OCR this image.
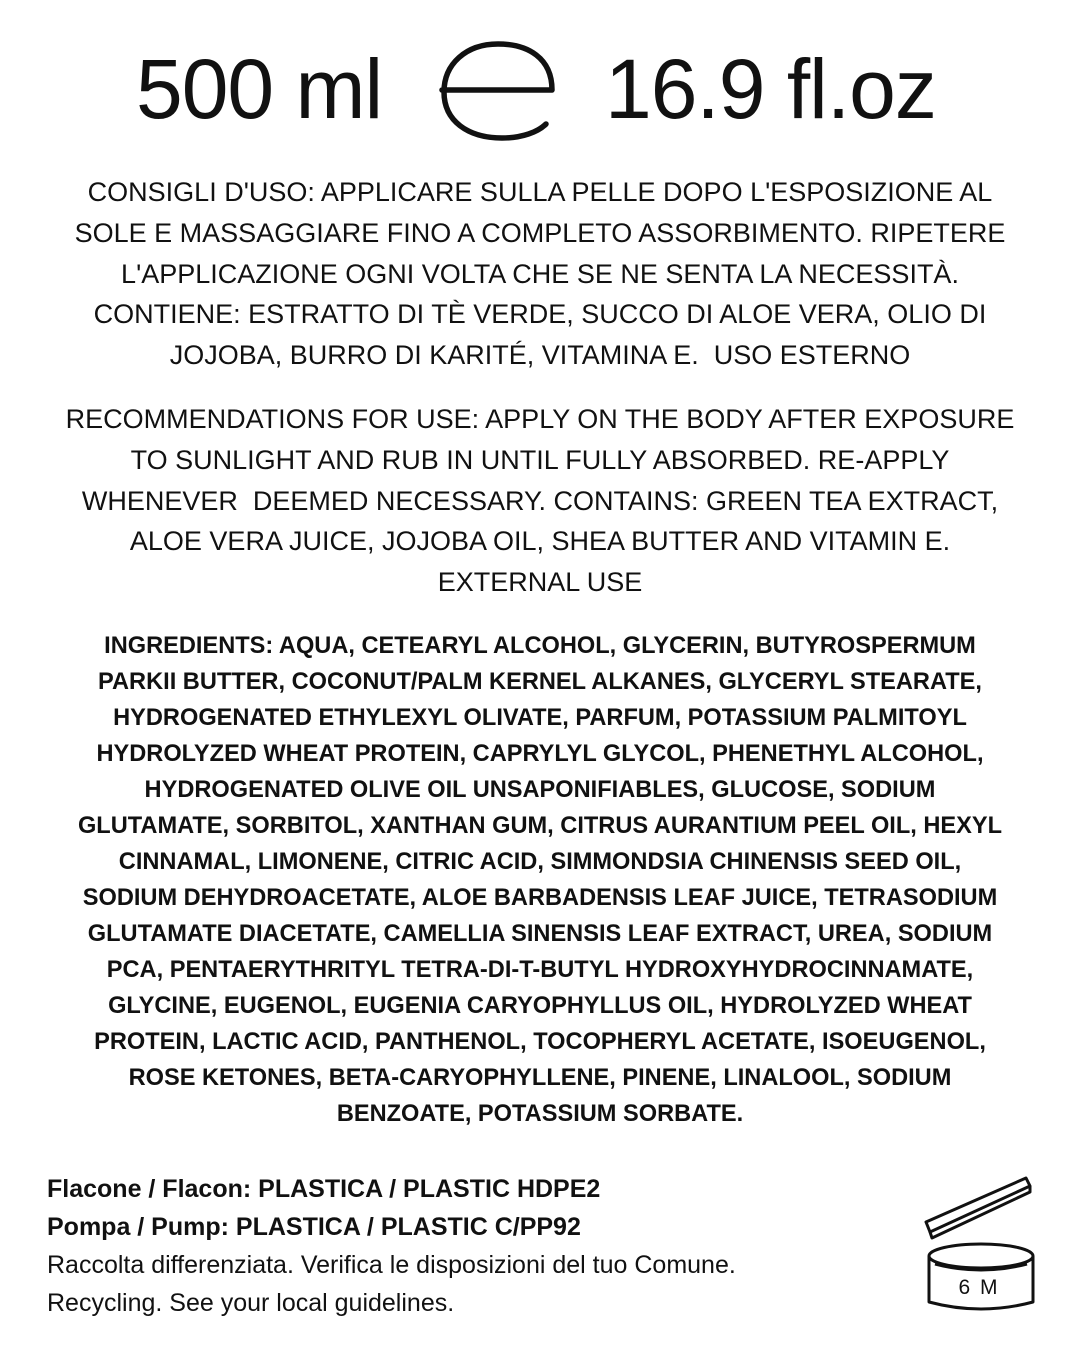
500 ml	16.9 fl.oz
CONSIGLI D'USO: APPLICARE SULLA PELLE DOPO L'ESPOSIZIONE AL
SOLE E MASSAGGIARE FINO A COMPLETO ASSORBIMENTO. RIPETERE
L'APPLICAZIONE OGNI VOLTA CHE SE NE SENTA LA NECESSITÀ.
CONTIENE: ESTRATTO DI TÈ VERDE, SUCCO DI ALOE VERA, OLIO DI
JOJOBA, BURRO DI KARITÉ, VITAMINA E.  USO ESTERNO
RECOMMENDATIONS FOR USE: APPLY ON THE BODY AFTER EXPOSURE
TO SUNLIGHT AND RUB IN UNTIL FULLY ABSORBED. RE-APPLY
WHENEVER  DEEMED NECESSARY. CONTAINS: GREEN TEA EXTRACT,
ALOE VERA JUICE, JOJOBA OIL, SHEA BUTTER AND VITAMIN E.
EXTERNAL USE
INGREDIENTS: AQUA, CETEARYL ALCOHOL, GLYCERIN, BUTYROSPERMUM
PARKII BUTTER, COCONUT/PALM KERNEL ALKANES, GLYCERYL STEARATE,
HYDROGENATED ETHYLEXYL OLIVATE, PARFUM, POTASSIUM PALMITOYL
HYDROLYZED WHEAT PROTEIN, CAPRYLYL GLYCOL, PHENETHYL ALCOHOL,
HYDROGENATED OLIVE OIL UNSAPONIFIABLES, GLUCOSE, SODIUM
GLUTAMATE, SORBITOL, XANTHAN GUM, CITRUS AURANTIUM PEEL OIL, HEXYL
CINNAMAL, LIMONENE, CITRIC ACID, SIMMONDSIA CHINENSIS SEED OIL,
SODIUM DEHYDROACETATE, ALOE BARBADENSIS LEAF JUICE, TETRASODIUM
GLUTAMATE DIACETATE, CAMELLIA SINENSIS LEAF EXTRACT, UREA, SODIUM
PCA, PENTAERYTHRITYL TETRA-DI-T-BUTYL HYDROXYHYDROCINNAMATE,
GLYCINE, EUGENOL, EUGENIA CARYOPHYLLUS OIL, HYDROLYZED WHEAT
PROTEIN, LACTIC ACID, PANTHENOL, TOCOPHERYL ACETATE, ISOEUGENOL,
ROSE KETONES, BETA-CARYOPHYLLENE, PINENE, LINALOOL, SODIUM
BENZOATE, POTASSIUM SORBATE.
Flacone / Flacon: PLASTICA / PLASTIC HDPE2
Pompa / Pump: PLASTICA / PLASTIC C/PP92
Raccolta differenziata. Verifica le disposizioni del tuo Comune.
Recycling. See your local guidelines.
6 M
